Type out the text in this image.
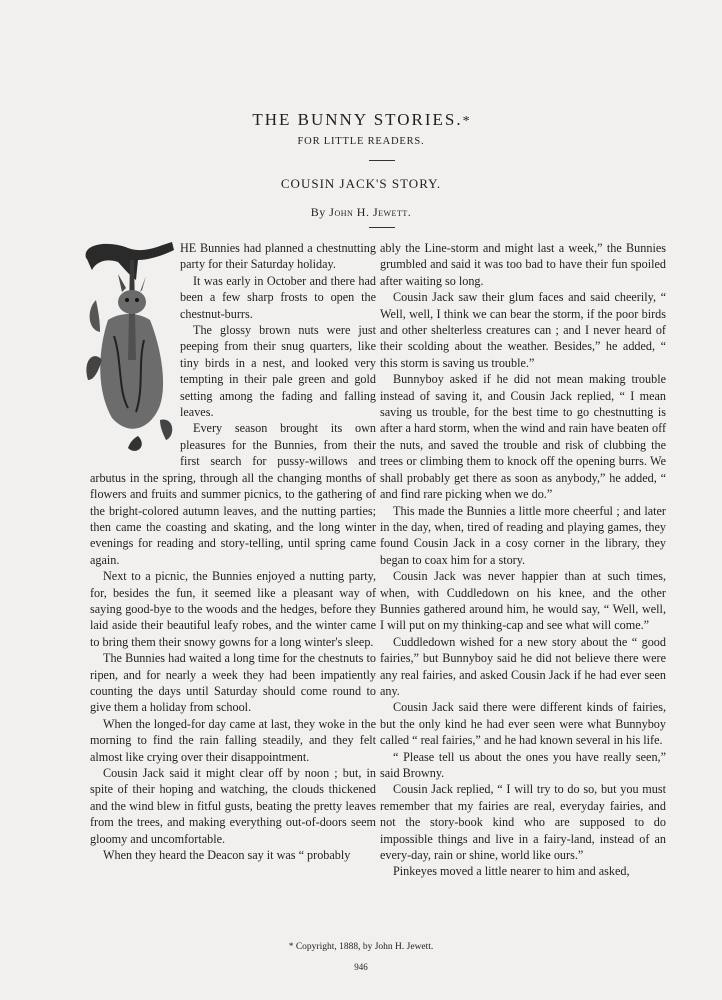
THE BUNNY STORIES.*
FOR LITTLE READERS.
COUSIN JACK'S STORY.
By John H. Jewett.

HE Bunnies had planned a chestnutting party for their Saturday holiday.

It was early in October and there had been a few sharp frosts to open the chestnut-burrs.

The glossy brown nuts were just peeping from their snug quarters, like tiny birds in a nest, and looked very tempting in their pale green and gold setting among the fading and falling leaves.

Every season brought its own pleasures for the Bunnies, from their first search for pussy-willows and arbutus in the spring, through all the changing months of flowers and fruits and summer picnics, to the gathering of the bright-colored autumn leaves, and the nutting parties; then came the coasting and skating, and the long winter evenings for reading and story-telling, until spring came again.

Next to a picnic, the Bunnies enjoyed a nutting party, for, besides the fun, it seemed like a pleasant way of saying good-bye to the woods and the hedges, before they laid aside their beautiful leafy robes, and the winter came to bring them their snowy gowns for a long winter's sleep.

The Bunnies had waited a long time for the chestnuts to ripen, and for nearly a week they had been impatiently counting the days until Saturday should come round to give them a holiday from school.

When the longed-for day came at last, they woke in the morning to find the rain falling steadily, and they felt almost like crying over their disappointment.

Cousin Jack said it might clear off by noon ; but, in spite of their hoping and watching, the clouds thickened and the wind blew in fitful gusts, beating the pretty leaves from the trees, and making everything out-of-doors seem gloomy and uncomfortable.

When they heard the Deacon say it was “ probably

ably the Line-storm and might last a week,” the Bunnies grumbled and said it was too bad to have their fun spoiled after waiting so long.

Cousin Jack saw their glum faces and said cheerily, “ Well, well, I think we can bear the storm, if the poor birds and other shelterless creatures can ; and I never heard of their scolding about the weather. Besides,” he added, “ this storm is saving us trouble.”

Bunnyboy asked if he did not mean making trouble instead of saving it, and Cousin Jack replied, “ I mean saving us trouble, for the best time to go chestnutting is after a hard storm, when the wind and rain have beaten off the nuts, and saved the trouble and risk of clubbing the trees or climbing them to knock off the opening burrs. We shall probably get there as soon as anybody,” he added, “ and find rare picking when we do.”

This made the Bunnies a little more cheerful ; and later in the day, when, tired of reading and playing games, they found Cousin Jack in a cosy corner in the library, they began to coax him for a story.

Cousin Jack was never happier than at such times, when, with Cuddledown on his knee, and the other Bunnies gathered around him, he would say, “ Well, well, I will put on my thinking-cap and see what will come.”

Cuddledown wished for a new story about the “ good fairies,” but Bunnyboy said he did not believe there were any real fairies, and asked Cousin Jack if he had ever seen any.

Cousin Jack said there were different kinds of fairies, but the only kind he had ever seen were what Bunnyboy called “ real fairies,” and he had known several in his life.

“ Please tell us about the ones you have really seen,” said Browny.

Cousin Jack replied, “ I will try to do so, but you must remember that my fairies are real, everyday fairies, and not the story-book kind who are supposed to do impossible things and live in a fairy-land, instead of an every-day, rain or shine, world like ours.”

Pinkeyes moved a little nearer to him and asked,

* Copyright, 1888, by John H. Jewett.
946
